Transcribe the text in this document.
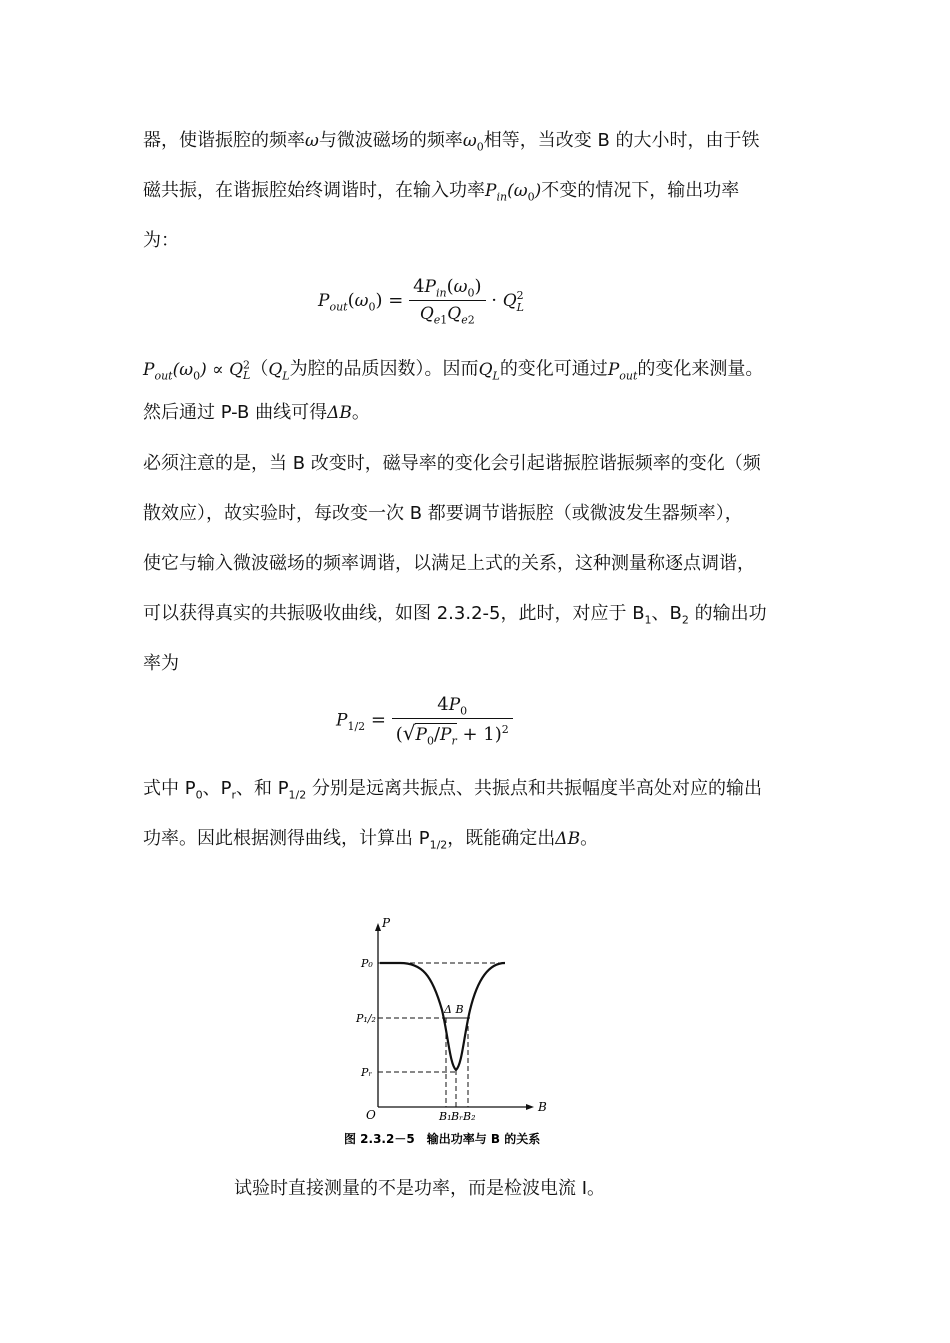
器，使谐振腔的频率ω与微波磁场的频率$\omega_0$相等，当改变 B 的大小时，由于铁
磁共振，在谐振腔始终调谐时，在输入功率$P_{in}(\omega_0)$不变的情况下，输出功率
为：
$P_{out}(\omega_0) = \frac{4P_{in}(\omega_0)}{Q_{e1}Q_{e2}} \cdot Q^2_L$
$P_{out}(\omega_0) \propto Q^2_L(Q_L$为腔的品质因数）。因而$Q_L$的变化可通过$P_{out}$的变化来测量。
然后通过 P-B 曲线可得ΔB。
必须注意的是，当 B 改变时，磁导率的变化会引起谐振腔谐振频率的变化（频
散效应），故实验时，每改变一次 B 都要调节谐振腔（或微波发生器频率），
使它与输入微波磁场的频率调谐，以满足上式的关系，这种测量称逐点调谐，
可以获得真实的共振吸收曲线，如图 2.3.2-5，此时，对应于 $B_1$、$B_2$ 的输出功
率为
$P_{1/2} = \frac{4P_0}{(√P_0/P_r + 1)^2}$
式中 $P_0$、$P_r$、和 $P_{1/2}$ 分别是远离共振点、共振点和共振幅度半高处对应的输出
功率。因此根据测得曲线，计算出 $P_{1/2}$，既能确定出ΔB。
P
B
O
P₀
P₁/₂
Pᵣ
B₁ Bᵣ B₂
Δ B
图 2.3.2－5　输出功率与 B 的关系
试验时直接测量的不是功率，而是检波电流 I。
